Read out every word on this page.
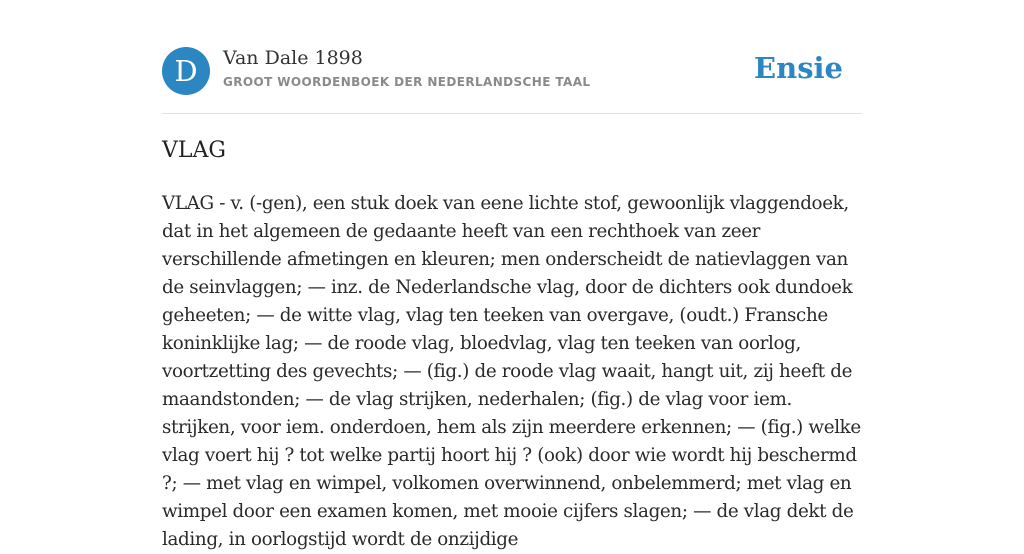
D	Van Dale 1898
GROOT WOORDENBOEK DER NEDERLANDSCHE TAAL	Ensie
VLAG

VLAG - v. (-gen), een stuk doek van eene lichte stof, gewoonlijk vlaggendoek, dat in het algemeen de gedaante heeft van een rechthoek van zeer verschillende afmetingen en kleuren; men onderscheidt de natievlaggen van de seinvlaggen; — inz. de Nederlandsche vlag, door de dichters ook dundoek geheeten; — de witte vlag, vlag ten teeken van overgave, (oudt.) Fransche koninklijke lag; — de roode vlag, bloedvlag, vlag ten teeken van oorlog, voortzetting des gevechts; — (fig.) de roode vlag waait, hangt uit, zij heeft de maandstonden; — de vlag strijken, nederhalen; (fig.) de vlag voor iem. strijken, voor iem. onderdoen, hem als zijn meerdere erkennen; — (fig.) welke vlag voert hij ? tot welke partij hoort hij ? (ook) door wie wordt hij beschermd ?; — met vlag en wimpel, volkomen overwinnend, onbelemmerd; met vlag en wimpel door een examen komen, met mooie cijfers slagen; — de vlag dekt de lading, in oorlogstijd wordt de onzijdige
